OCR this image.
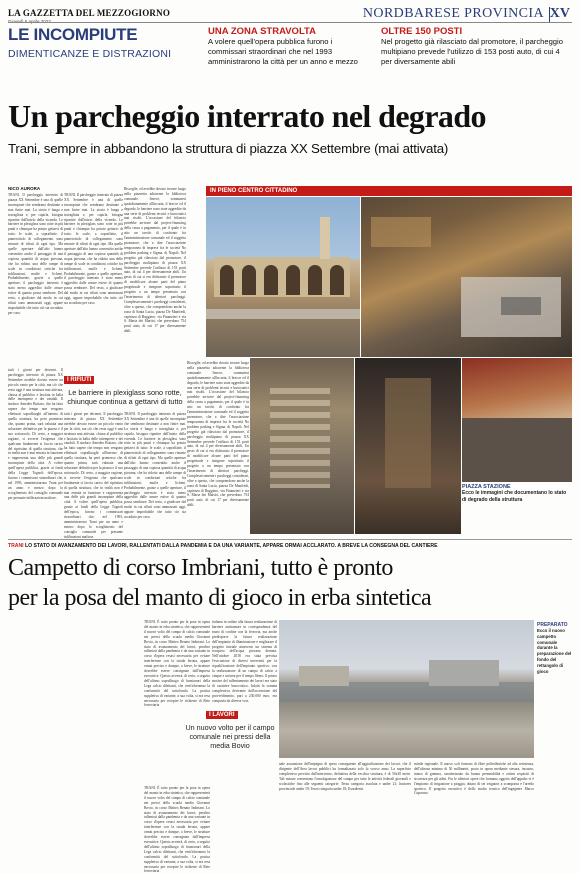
LA GAZZETTA DEL MEZZOGIORNO	NORDBARESE PROVINCIA XV
LE INCOMPIUTE
DIMENTICANZE E DISTRAZIONI
UNA ZONA STRAVOLTA
A volere quell'opera pubblica furono i commissari straordinari che nel 1993 amministrarono la città per un anno e mezzo
OLTRE 150 POSTI
Nel progetto già rilasciato dal promotore, il parcheggio multipiano prevede l'utilizzo di 153 posti auto, di cui 4 per diversamente abili
Un parcheggio interrato nel degrado
Trani, sempre in abbandono la struttura di piazza XX Settembre (mai attivata)
NICO AURORA
TRANI. Il parcheggio interrato di piazza XX Settembre è una di quelle incompiute che sembrano destinate a non finire mai. La storia è lunga e travagliata e, per capirla, bisogna ripartire dall'inizio della vicenda. Le barriere in plexiglass sono rotte in più punti e chiunque ha potuto gettarvi di tutto: le scale, a sopraffatte, il pianerottolo di collegamento sono rimaste di rifiuti di ogni tipo. Ma quelle aperture dall'alto hanno consentito anche il passaggio di una copiosa quantità di acqua piovana, che ha ridotto una delle rampe di scale in condizioni critiche fra infiltrazioni, muffe e licheni. Probabilmente, grazie a quelle aperture, il parcheggio interrato è stato meno aggredito dalle arsure estive di quanto possa sembrare. Del resto, a giudicare dal modo in cui rifiuti sono ammassati oggi, appare improbabile che tutto ciò sia accaduto per caso.
TRANI. Il parcheggio interrato di piazza XX Settembre è una di quelle incompiute che sembrano destinate a non finire mai. La storia è lunga e travagliata e, per capirla, bisogna ripartire dall'inizio della vicenda. Le barriere in plexiglass sono rotte in più punti e chiunque ha potuto gettarvi di tutto: le scale, a sopraffatte, il pianerottolo di collegamento sono rimaste di rifiuti di ogni tipo. Ma quelle aperture dall'alto hanno consentito anche il passaggio di una copiosa quantità di acqua piovana, che ha ridotto una delle rampe di scale in condizioni critiche fra infiltrazioni, muffe e licheni. Probabilmente, grazie a quelle aperture, il parcheggio interrato è stato meno aggredito dalle arsure estive di quanto possa sembrare. Del resto, a giudicare dal modo in cui rifiuti sono ammassati oggi, appare improbabile che tutto ciò sia accaduto per caso.
I RIFIUTI
Le barriere in plexiglass sono rotte, chiunque continua a gettarvi di tutto
tutti i giorni per decenni. Il parcheggio interrato di piazza XX Settembre avrebbe dovuto essere un piccolo vanto per la città, ma ciò che resta oggi è una struttura mai attivata, chiusa al pubblico e lasciata in balia delle intemperie e dei vandali. Il sindaco Amedeo Bottaro, che ha fatto sapere che tempo non vengono effettuati sopralluoghi all'interno di quella struttura, ha però promesso che, quanto prima, sarà valutata una soluzione definitiva per la piazza e il suo sottosuolo. Di certo, a maggior ragione, si avverte l'esigenza che qualcuno finalmente si faccia carico del ripristino di quella struttura, che in realtà non è mai entrata in funzione e rappresenta una delle più grandi incompiute della città. A volere quell'opera pubblica, grazie ai fondi della Legge Tognoli dell'epoca, furono i commissari straordinari che, nel 1993, amministrarono Trani per un anno e mezzo dopo lo scioglimento del consiglio comunale per presunte infiltrazioni mafiose.
tutti i giorni per decenni. Il parcheggio interrato di piazza XX Settembre avrebbe dovuto essere un piccolo vanto per la città, ma ciò che resta oggi è una struttura mai attivata, chiusa al pubblico e lasciata in balia delle intemperie e dei vandali. Il sindaco Amedeo Bottaro, che ha fatto sapere che tempo non vengono effettuati sopralluoghi all'interno di quella struttura, ha però promesso che, quanto prima, sarà valutata una soluzione definitiva per la piazza e il suo sottosuolo. Di certo, a maggior ragione, si avverte l'esigenza che qualcuno finalmente si faccia carico del ripristino di quella struttura, che in realtà non è mai entrata in funzione e rappresenta una delle più grandi incompiute della città. A volere quell'opera pubblica, grazie ai fondi della Legge Tognoli dell'epoca, furono i commissari straordinari che, nel 1993, amministrarono Trani per un anno e mezzo dopo lo scioglimento del consiglio comunale per presunte infiltrazioni mafiose.
TRANI. Il parcheggio interrato di piazza XX Settembre è una di quelle incompiute che sembrano destinate a non finire mai. La storia è lunga e travagliata e, per capirla, bisogna ripartire dall'inizio della vicenda. Le barriere in plexiglass sono rotte in più punti e chiunque ha potuto gettarvi di tutto: le scale, a sopraffatte, il pianerottolo di collegamento sono rimaste di rifiuti di ogni tipo. Ma quelle aperture dall'alto hanno consentito anche il passaggio di una copiosa quantità di acqua piovana, che ha ridotto una delle rampe di scale in condizioni critiche fra infiltrazioni, muffe e licheni. Probabilmente, grazie a quelle aperture, il parcheggio interrato è stato meno aggredito dalle arsure estive di quanto possa sembrare. Del resto, a giudicare dal modo in cui rifiuti sono ammassati oggi, appare improbabile che tutto ciò sia accaduto per caso.
Bisceglie, ed avrebbe dovuto trovare luogo nella piazzetta adiacente la biblioteca comunale. Invece, sommatesi quotidianamente all'incuria, il brecce ed il degrado, le barriere sono state aggredite da una serie di problemi tecnici e burocratici mai risolti. L'occasione del bilancio potrebbe arrivare dal project-financing della cassa a pagamento, per il quale è in atto un tavolo di confronto fra l'amministrazione comunale ed il soggetto promotore, che a dire l'associazione temporanea di imprese fra le società No problem parking e Sigma, di Napoli. Nel progetto già rilasciato dal promotore, il parcheggio multipiano di piazza XX Settembre prevede l'utilizzo di 153 posti auto, di cui 4 per diversamente abili. Un gesto di cui si era dichiarato il promotore di modificare alcune parti del piano progettuale e integrare soprattutto il progetto a un tempo presentato con l'inserimento di ulteriori parcheggi. Complessivamente i parcheggi considerati, oltre a questo, che comprendono anche la zona di Santa Lucia, piazza De Manfredi, capienza di Ruggiero, via Finanzieri e via S. Maria dei Martiri, che prevedono 754 posti auto, di cui 17 per diversamente abili.
Bisceglie, ed avrebbe dovuto trovare luogo nella piazzetta adiacente la biblioteca comunale. Invece, sommatesi quotidianamente all'incuria, il brecce ed il degrado, le barriere sono state aggredite da una serie di problemi tecnici e burocratici mai risolti. L'occasione del bilancio potrebbe arrivare dal project-financing della cassa a pagamento, per il quale è in atto un tavolo di confronto fra l'amministrazione comunale ed il soggetto promotore, che a dire l'associazione temporanea di imprese fra le società No problem parking e Sigma, di Napoli. Nel progetto già rilasciato dal promotore, il parcheggio multipiano di piazza XX Settembre prevede l'utilizzo di 153 posti auto, di cui 4 per diversamente abili. Un gesto di cui si era dichiarato il promotore di modificare alcune parti del piano progettuale e integrare soprattutto il progetto a un tempo presentato con l'inserimento di ulteriori parcheggi. Complessivamente i parcheggi considerati, oltre a questo, che comprendono anche la zona di Santa Lucia, piazza De Manfredi, capienza di Ruggiero, via Finanzieri e via S. Maria dei Martiri, che prevedono 754 posti auto, di cui 17 per diversamente abili.
IN PIENO CENTRO CITTADINO
PIAZZA STAZIONE
Ecco le immagini che documentano lo stato di degrado della struttura
TRANI LO STATO DI AVANZAMENTO DEI LAVORI, RALLENTATI DALLA PANDEMIA E DA UNA VARIANTE, APPARE ORMAI ACCLARATO. A BREVE LA CONSEGNA DEL CANTIERE
Campetto di corso Imbriani, tutto è pronto
per la posa del manto di gioco in erba sintetica
TRANI. È tutto pronto per la posa in opera del manto in erba sintetica, che rappresenterà il nuovo volto del campo di calcio comunale nei pressi della scuola media Giovanni Bovio, in corso Matteo Renato Imbriani. Lo stato di avanzamento dei lavori, peraltro rallentati dalla pandemia e da una variante in corso d'opera resasi necessaria per evitare interferenze con la strada ferrata, appare ormai preciso e dunque, a breve, le strutture dovrebbe essere consegnate dall'impresa esecutrice. Questo avverrà, di certo, a seguito dell'ultimo sopralluogo di funzionari della Lega calcio dilettanti, che verificheranno la conformità del sottofondo. La pratica suppletiva di variante, a sua volta, si era resa necessaria per recepire le richieste di Rete ferroviaria
italiana in ordine alla futura realizzazione di barriere antirumore in corrispondenza del muro di confine con la ferrovia, ma anche predisporre la futura realizzazione dell'impianto di illuminazione e migliorare il progetto iniziale attraverso un sistema di recupero dell'acqua piovana drenata. Nell'ottobre 2018 era stata prevista l'esecuzione di diversi interventi per la riqualificazione dell'impianto sportivo, con la realizzazione di un campo di calcio a cinque e un'area per il tempo libero. Il primo motivo del rallentamento dei lavori era stato di carattere burocratico. Infatti la somma complessiva derivante dall'accensione del provvedimento, pari a 230.000 euro, era composta da diverse voci.
TRANI. È tutto pronto per la posa in opera del manto in erba sintetica, che rappresenterà il nuovo volto del campo di calcio comunale nei pressi della scuola media Giovanni Bovio, in corso Matteo Renato Imbriani. Lo stato di avanzamento dei lavori, peraltro rallentati dalla pandemia e da una variante in corso d'opera resasi necessaria per evitare interferenze con la strada ferrata, appare ormai preciso e dunque, a breve, le strutture dovrebbe essere consegnate dall'impresa esecutrice. Questo avverrà, di certo, a seguito dell'ultimo sopralluogo di funzionari della Lega calcio dilettanti, che verificheranno la conformità del sottofondo. La pratica suppletiva di variante, a sua volta, si era resa necessaria per recepire le richieste di Rete ferroviaria
I LAVORI
Un nuovo volto per il campo comunale nei pressi della media Bovio
PREPARATO
Ecco il nuovo campetto comunale durante la preparazione del fondo del rettangolo di gioco
nale assunzione dell'impegno di spesa conseguente all'aggiudicazione dei lavori, che il dirigente dell'Area lavori pubblici ha formalizzato solo lo scorso anno. La superficie complessiva prevista dall'intervento, definitiva della vecchia struttura, è di 50x30 metri. Tali misure consentono l'omologazione del campo per tutte le attività federali giovanili e scolastiche fino alle seguenti categorie: Terza categoria assoluta e under 21; Juniores provinciale under 19; Terza categoria under 18; Esordienti.
minile regionale. Il nuovo soft formato di fibre polietileniche ad alta resistenza, dell'altezza minima di 50 millimetri, posto in opera mediante stesura, incastro, intaso di gomma, caratterizzato da buona permeabilità e ottimi requisiti di sicurezza per gli atleti. Fra le ulteriori opere che formano oggetto dell'appalto vi è l'impianto di irrigazione a pioggia, dotato di sei irrigatori a scomparsa e l'arredo sportivo. Il progetto esecutivo è dello studio tecnico dell'ingegnere Marco Caporuso.
